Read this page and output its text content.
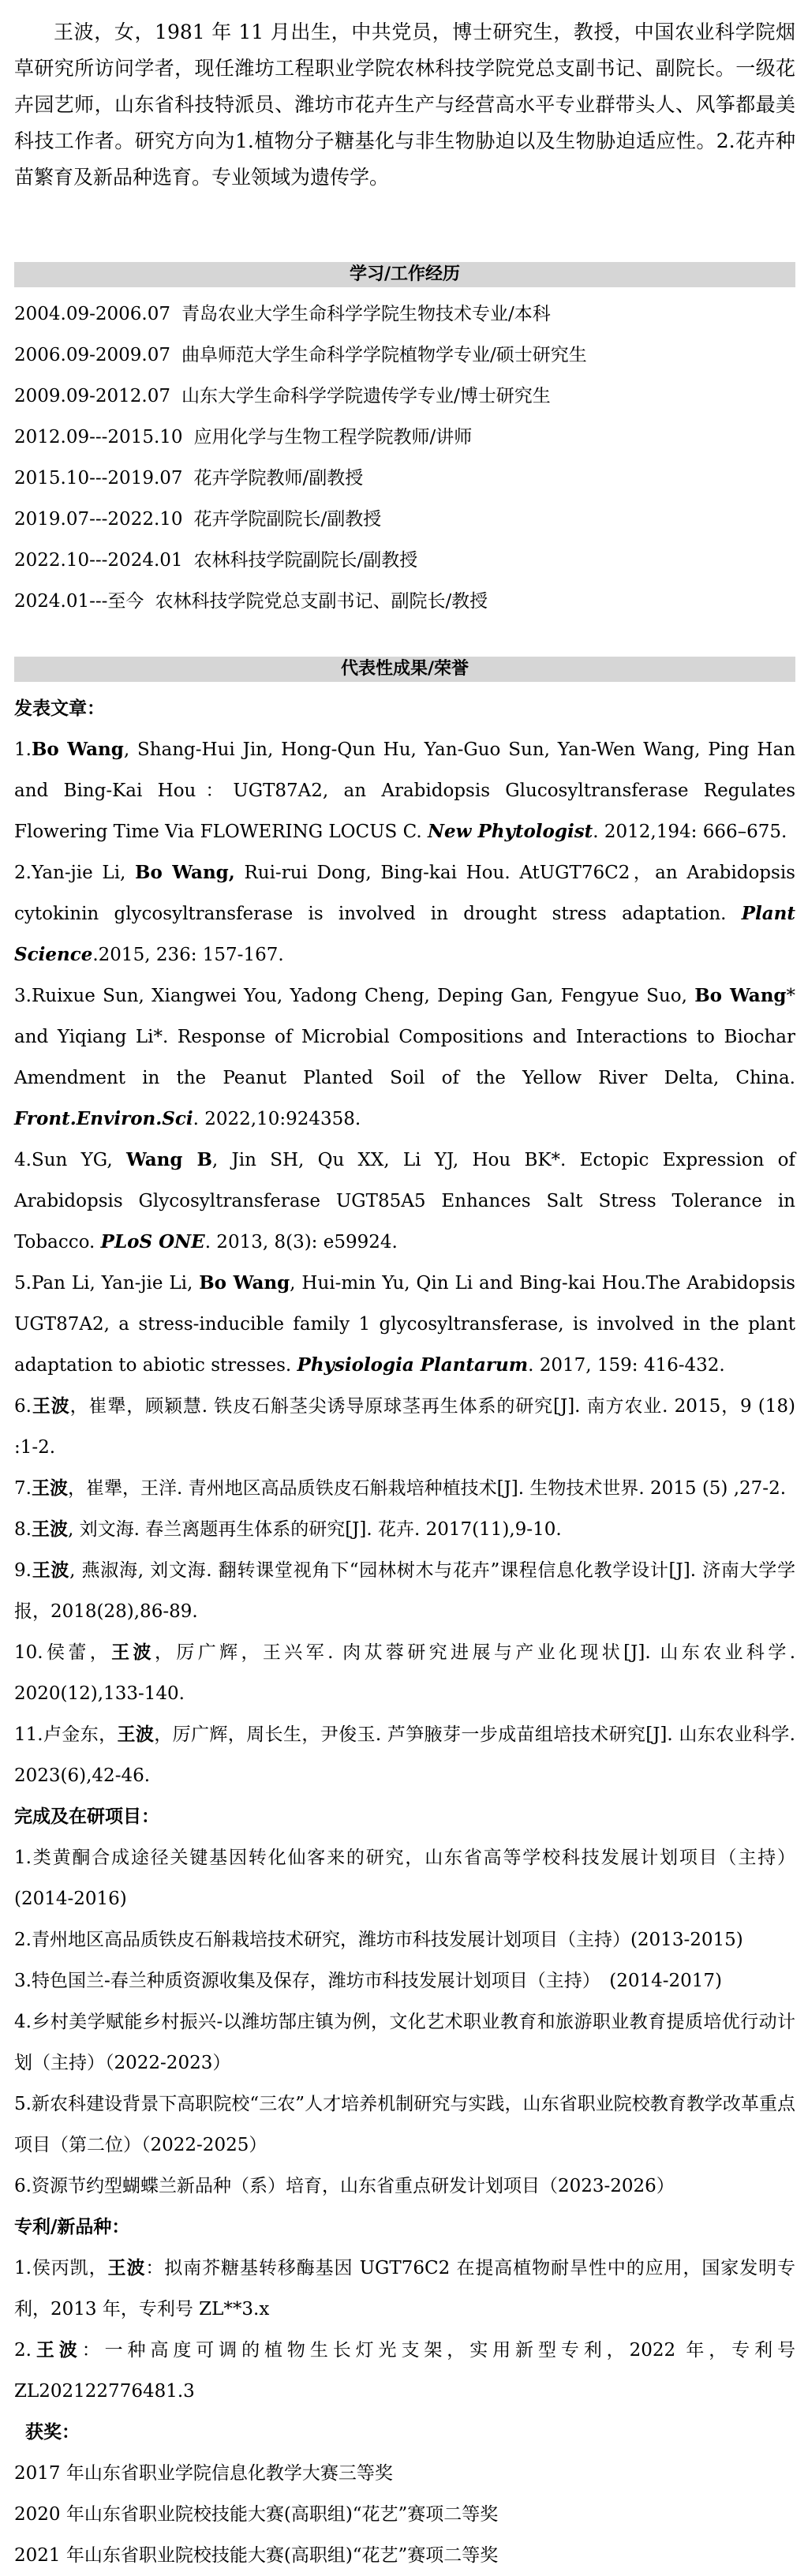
王波，女，1981 年 11 月出生，中共党员，博士研究生，教授，中国农业科学院烟草研究所访问学者，现任潍坊工程职业学院农林科技学院党总支副书记、副院长。一级花卉园艺师，山东省科技特派员、潍坊市花卉生产与经营高水平专业群带头人、风筝都最美科技工作者。研究方向为1.植物分子糖基化与非生物胁迫以及生物胁迫适应性。2.花卉种苗繁育及新品种选育。专业领域为遗传学。

学习/工作经历
2004.09-2006.07 青岛农业大学生命科学学院生物技术专业/本科
2006.09-2009.07 曲阜师范大学生命科学学院植物学专业/硕士研究生
2009.09-2012.07 山东大学生命科学学院遗传学专业/博士研究生
2012.09---2015.10 应用化学与生物工程学院教师/讲师
2015.10---2019.07 花卉学院教师/副教授
2019.07---2022.10 花卉学院副院长/副教授
2022.10---2024.01 农林科技学院副院长/副教授
2024.01---至今 农林科技学院党总支副书记、副院长/教授
代表性成果/荣誉
发表文章：

1.Bo Wang, Shang-Hui Jin, Hong-Qun Hu, Yan-Guo Sun, Yan-Wen Wang, Ping Han and Bing-Kai Hou：UGT87A2, an Arabidopsis Glucosyltransferase Regulates Flowering Time Via FLOWERING LOCUS C. New Phytologist. 2012,194: 666–675.

2.Yan-jie Li, Bo Wang, Rui-rui Dong, Bing-kai Hou. AtUGT76C2，an Arabidopsis cytokinin glycosyltransferase is involved in drought stress adaptation. Plant Science.2015, 236: 157-167.

3.Ruixue Sun, Xiangwei You, Yadong Cheng, Deping Gan, Fengyue Suo, Bo Wang* and Yiqiang Li*. Response of Microbial Compositions and Interactions to Biochar Amendment in the Peanut Planted Soil of the Yellow River Delta, China. Front.Environ.Sci. 2022,10:924358.

4.Sun YG, Wang B, Jin SH, Qu XX, Li YJ, Hou BK*. Ectopic Expression of Arabidopsis Glycosyltransferase UGT85A5 Enhances Salt Stress Tolerance in Tobacco. PLoS ONE. 2013, 8(3): e59924.

5.Pan Li, Yan-jie Li, Bo Wang, Hui-min Yu, Qin Li and Bing-kai Hou.The Arabidopsis UGT87A2, a stress-inducible family 1 glycosyltransferase, is involved in the plant adaptation to abiotic stresses. Physiologia Plantarum. 2017, 159: 416-432.

6.王波，崔犟，顾颖慧. 铁皮石斛茎尖诱导原球茎再生体系的研究[J]. 南方农业. 2015，9 (18) :1-2.

7.王波，崔犟，王洋. 青州地区高品质铁皮石斛栽培种植技术[J]. 生物技术世界. 2015 (5) ,27-2.

8.王波, 刘文海. 春兰离题再生体系的研究[J]. 花卉. 2017(11),9-10.

9.王波, 燕淑海, 刘文海. 翻转课堂视角下“园林树木与花卉”课程信息化教学设计[J]. 济南大学学报，2018(28),86-89.

10.侯蕾，王波，厉广辉，王兴军. 肉苁蓉研究进展与产业化现状[J]. 山东农业科学. 2020(12),133-140.

11.卢金东，王波，厉广辉，周长生，尹俊玉. 芦笋腋芽一步成苗组培技术研究[J]. 山东农业科学. 2023(6),42-46.

完成及在研项目：

1.类黄酮合成途径关键基因转化仙客来的研究，山东省高等学校科技发展计划项目（主持）(2014-2016)

2.青州地区高品质铁皮石斛栽培技术研究，潍坊市科技发展计划项目（主持）(2013-2015)

3.特色国兰-春兰种质资源收集及保存，潍坊市科技发展计划项目（主持）　(2014-2017)

4.乡村美学赋能乡村振兴-以潍坊郜庄镇为例，文化艺术职业教育和旅游职业教育提质培优行动计划（主持）（2022-2023）

5.新农科建设背景下高职院校“三农”人才培养机制研究与实践，山东省职业院校教育教学改革重点项目（第二位）（2022-2025）

6.资源节约型蝴蝶兰新品种（系）培育，山东省重点研发计划项目（2023-2026）

专利/新品种：

1.侯丙凯，王波：拟南芥糖基转移酶基因 UGT76C2 在提高植物耐旱性中的应用，国家发明专利，2013 年，专利号 ZL**3.x

2.王波：一种高度可调的植物生长灯光支架，实用新型专利，2022 年，专利号 ZL202122776481.3

获奖：
2017 年山东省职业学院信息化教学大赛三等奖
2020 年山东省职业院校技能大赛(高职组)“花艺”赛项二等奖
2021 年山东省职业院校技能大赛(高职组)“花艺”赛项二等奖
